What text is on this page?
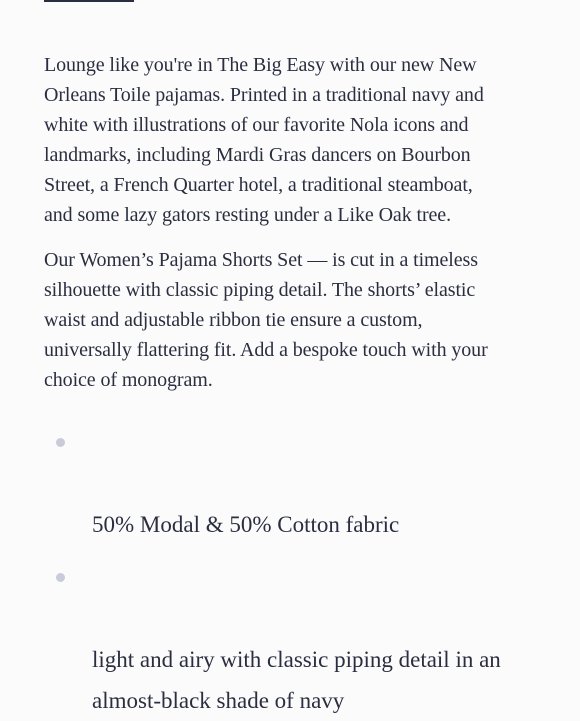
Lounge like you're in The Big Easy with our new New
Orleans Toile pajamas. Printed in a traditional navy and
white with illustrations of our favorite Nola icons and
landmarks, including Mardi Gras dancers on Bourbon
Street, a French Quarter hotel, a traditional steamboat,
and some lazy gators resting under a Like Oak tree.

Our Women’s Pajama Shorts Set — is cut in a timeless
silhouette with classic piping detail. The shorts’ elastic
waist and adjustable ribbon tie ensure a custom,
universally flattering fit. Add a bespoke touch with your
choice of monogram.

50% Modal & 50% Cotton fabric

light and airy with classic piping detail in an
almost-black shade of navy
